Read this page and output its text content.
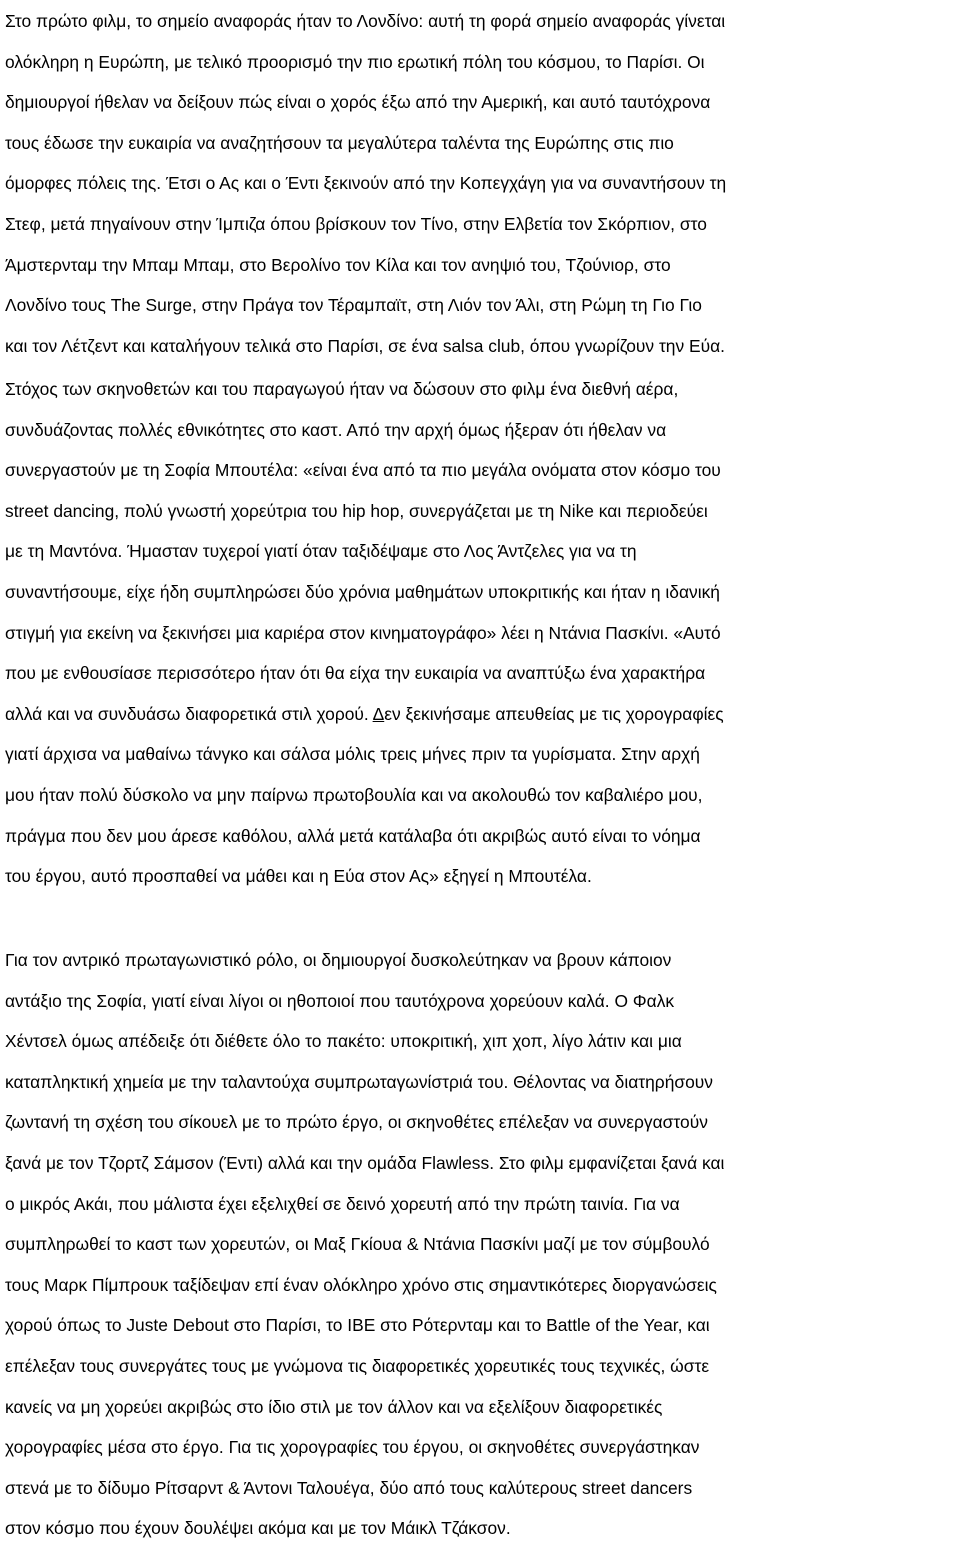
Στο πρώτο φιλμ, το σημείο αναφοράς ήταν το Λονδίνο: αυτή τη φορά σημείο αναφοράς γίνεται
ολόκληρη η Ευρώπη, με τελικό προορισμό την πιο ερωτική πόλη του κόσμου, το Παρίσι. Οι
δημιουργοί ήθελαν να δείξουν πώς είναι ο χορός έξω από την Αμερική, και αυτό ταυτόχρονα
τους έδωσε την ευκαιρία να αναζητήσουν τα μεγαλύτερα ταλέντα της Ευρώπης στις πιο
όμορφες πόλεις της. Έτσι ο Ας και ο Έντι ξεκινούν από την Κοπεγχάγη για να συναντήσουν τη
Στεφ, μετά πηγαίνουν στην Ίμπιζα όπου βρίσκουν τον Τίνο, στην Ελβετία τον Σκόρπιον, στο
Άμστερνταμ την Μπαμ Μπαμ, στο Βερολίνο τον Κίλα και τον ανηψιό του, Τζούνιορ, στο
Λονδίνο τους The Surge, στην Πράγα τον Τέραμπαϊτ, στη Λιόν τον Άλι, στη Ρώμη τη Γιο Γιο
και τον Λέτζεντ και καταλήγουν τελικά στο Παρίσι, σε ένα salsa club, όπου γνωρίζουν την Εύα.

Στόχος των σκηνοθετών και του παραγωγού ήταν να δώσουν στο φιλμ ένα διεθνή αέρα,
συνδυάζοντας πολλές εθνικότητες στο καστ. Από την αρχή όμως ήξεραν ότι ήθελαν να
συνεργαστούν με τη Σοφία Μπουτέλα: «είναι ένα από τα πιο μεγάλα ονόματα στον κόσμο του
street dancing, πολύ γνωστή χορεύτρια του hip hop, συνεργάζεται με τη Nike και περιοδεύει
με τη Μαντόνα. Ήμασταν τυχεροί γιατί όταν ταξιδέψαμε στο Λος Άντζελες για να τη
συναντήσουμε, είχε ήδη συμπληρώσει δύο χρόνια μαθημάτων υποκριτικής και ήταν η ιδανική
στιγμή για εκείνη να ξεκινήσει μια καριέρα στον κινηματογράφο» λέει η Ντάνια Πασκίνι. «Αυτό
που με ενθουσίασε περισσότερο ήταν ότι θα είχα την ευκαιρία να αναπτύξω ένα χαρακτήρα
αλλά και να συνδυάσω διαφορετικά στιλ χορού. Δεν ξεκινήσαμε απευθείας με τις χορογραφίες
γιατί άρχισα να μαθαίνω τάνγκο και σάλσα μόλις τρεις μήνες πριν τα γυρίσματα. Στην αρχή
μου ήταν πολύ δύσκολο να μην παίρνω πρωτοβουλία και να ακολουθώ τον καβαλιέρο μου,
πράγμα που δεν μου άρεσε καθόλου, αλλά μετά κατάλαβα ότι ακριβώς αυτό είναι το νόημα
του έργου, αυτό προσπαθεί να μάθει και η Εύα στον Ας» εξηγεί η Μπουτέλα.

Για τον αντρικό πρωταγωνιστικό ρόλο, οι δημιουργοί δυσκολεύτηκαν να βρουν κάποιον
αντάξιο της Σοφία, γιατί είναι λίγοι οι ηθοποιοί που ταυτόχρονα χορεύουν καλά. Ο Φαλκ
Χέντσελ όμως απέδειξε ότι διέθετε όλο το πακέτο: υποκριτική, χιπ χοπ, λίγο λάτιν και μια
καταπληκτική χημεία με την ταλαντούχα συμπρωταγωνίστριά του. Θέλοντας να διατηρήσουν
ζωντανή τη σχέση του σίκουελ με το πρώτο έργο, οι σκηνοθέτες επέλεξαν να συνεργαστούν
ξανά με τον Τζορτζ Σάμσον (Έντι) αλλά και την ομάδα Flawless. Στο φιλμ εμφανίζεται ξανά και
ο μικρός Ακάι, που μάλιστα έχει εξελιχθεί σε δεινό χορευτή από την πρώτη ταινία. Για να
συμπληρωθεί το καστ των χορευτών, οι Μαξ Γκίουα & Ντάνια Πασκίνι μαζί με τον σύμβουλό
τους Μαρκ Πίμπρουκ ταξίδεψαν επί έναν ολόκληρο χρόνο στις σημαντικότερες διοργανώσεις
χορού όπως το Juste Debout στο Παρίσι, το IBE στο Ρότερνταμ και το Battle of the Year, και
επέλεξαν τους συνεργάτες τους με γνώμονα τις διαφορετικές χορευτικές τους τεχνικές, ώστε
κανείς να μη χορεύει ακριβώς στο ίδιο στιλ με τον άλλον και να εξελίξουν διαφορετικές
χορογραφίες μέσα στο έργο. Για τις χορογραφίες του έργου, οι σκηνοθέτες συνεργάστηκαν
στενά με το δίδυμο Ρίτσαρντ & Άντονι Ταλουέγα, δύο από τους καλύτερους street dancers
στον κόσμο που έχουν δουλέψει ακόμα και με τον Μάικλ Τζάκσον.
